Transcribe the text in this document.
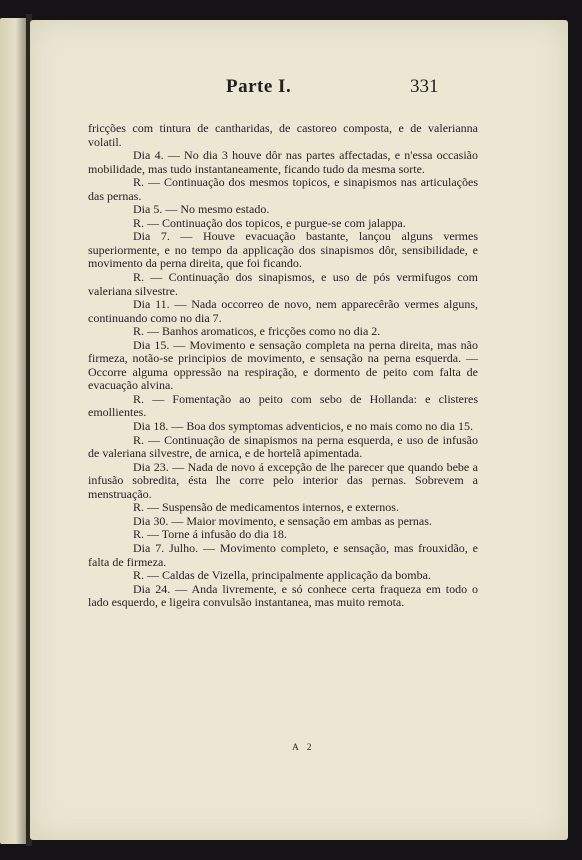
Parte I.	331

fricções com tintura de cantharidas, de castoreo composta, e de valerianna volatil.

Dia 4. — No dia 3 houve dôr nas partes affectadas, e n'essa occasião mobilidade, mas tudo instantaneamente, ficando tudo da mesma sorte.

R. — Continuação dos mesmos topicos, e sinapismos nas articulações das pernas.

Dia 5. — No mesmo estado.

R. — Continuação dos topicos, e purgue-se com jalappa.

Dia 7. — Houve evacuação bastante, lançou alguns vermes superiormente, e no tempo da applicação dos sinapismos dôr, sensibilidade, e movimento da perna direita, que foi ficando.

R. — Continuação dos sinapismos, e uso de pós vermifugos com valeriana silvestre.

Dia 11. — Nada occorreo de novo, nem apparecêrão vermes alguns, continuando como no dia 7.

R. — Banhos aromaticos, e fricções como no dia 2.

Dia 15. — Movimento e sensação completa na perna direita, mas não firmeza, notão-se principios de movimento, e sensação na perna esquerda. — Occorre alguma oppressão na respiração, e dormento de peito com falta de evacuação alvina.

R. — Fomentação ao peito com sebo de Hollanda: e clisteres emollientes.

Dia 18. — Boa dos symptomas adventicios, e no mais como no dia 15.

R. — Continuação de sinapismos na perna esquerda, e uso de infusão de valeriana silvestre, de arnica, e de hortelã apimentada.

Dia 23. — Nada de novo á excepção de lhe parecer que quando bebe a infusão sobredita, ésta lhe corre pelo interior das pernas. Sobrevem a menstruação.

R. — Suspensão de medicamentos internos, e externos.

Dia 30. — Maior movimento, e sensação em ambas as pernas.

R. — Torne á infusão do dia 18.

Dia 7. Julho. — Movimento completo, e sensação, mas frouxidão, e falta de firmeza.

R. — Caldas de Vizella, principalmente applicação da bomba.

Dia 24. — Anda livremente, e só conhece certa fraqueza em todo o lado esquerdo, e ligeira convulsão instantanea, mas muito remota.

A 2
